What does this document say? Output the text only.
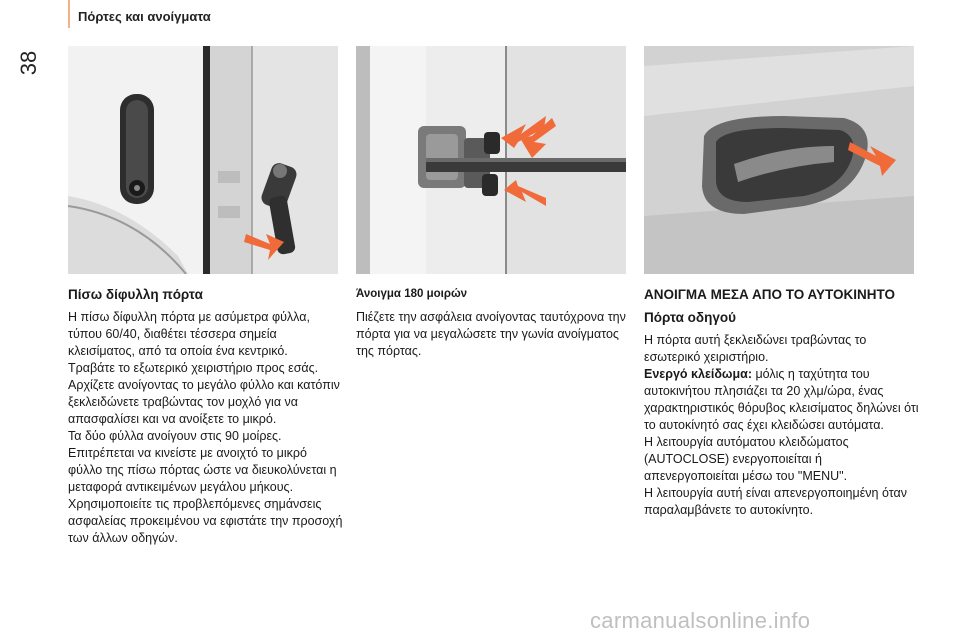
Πόρτες και ανοίγματα
38
Πίσω δίφυλλη πόρτα

Η πίσω δίφυλλη πόρτα με ασύμετρα φύλλα, τύπου 60/40, διαθέτει τέσσερα σημεία κλεισίματος, από τα οποία ένα κεντρικό.

Τραβάτε το εξωτερικό χειριστήριο προς εσάς.

Αρχίζετε ανοίγοντας το μεγάλο φύλλο και κατόπιν ξεκλειδώνετε τραβώντας τον μοχλό για να απασφαλίσει και να ανοίξετε το μικρό.

Τα δύο φύλλα ανοίγουν στις 90 μοίρες.

Επιτρέπεται να κινείστε με ανοιχτό το μικρό φύλλο της πίσω πόρτας ώστε να διευκολύνεται η μεταφορά αντικειμένων μεγάλου μήκους. Χρησιμοποιείτε τις προβλεπόμενες σημάνσεις ασφαλείας προκειμένου να εφιστάτε την προσοχή των άλλων οδηγών.

Άνοιγμα 180 μοιρών

Πιέζετε την ασφάλεια ανοίγοντας ταυτόχρονα την πόρτα για να μεγαλώσετε την γωνία ανοίγματος της πόρτας.

ΑΝΟΙΓΜΑ ΜΕΣΑ ΑΠΟ ΤΟ ΑΥΤΟΚΙΝΗΤΟ
Πόρτα οδηγού

Η πόρτα αυτή ξεκλειδώνει τραβώντας το εσωτερικό χειριστήριο.

Ενεργό κλείδωμα: μόλις η ταχύτητα του αυτοκινήτου πλησιάζει τα 20 χλμ/ώρα, ένας χαρακτηριστικός θόρυβος κλεισίματος δηλώνει ότι το αυτοκίνητό σας έχει κλειδώσει αυτόματα.

Η λειτουργία αυτόματου κλειδώματος (AUTOCLOSE) ενεργοποιείται ή απενεργοποιείται μέσω του "MENU".

Η λειτουργία αυτή είναι απενεργοποιημένη όταν παραλαμβάνετε το αυτοκίνητο.

carmanualsonline.info
